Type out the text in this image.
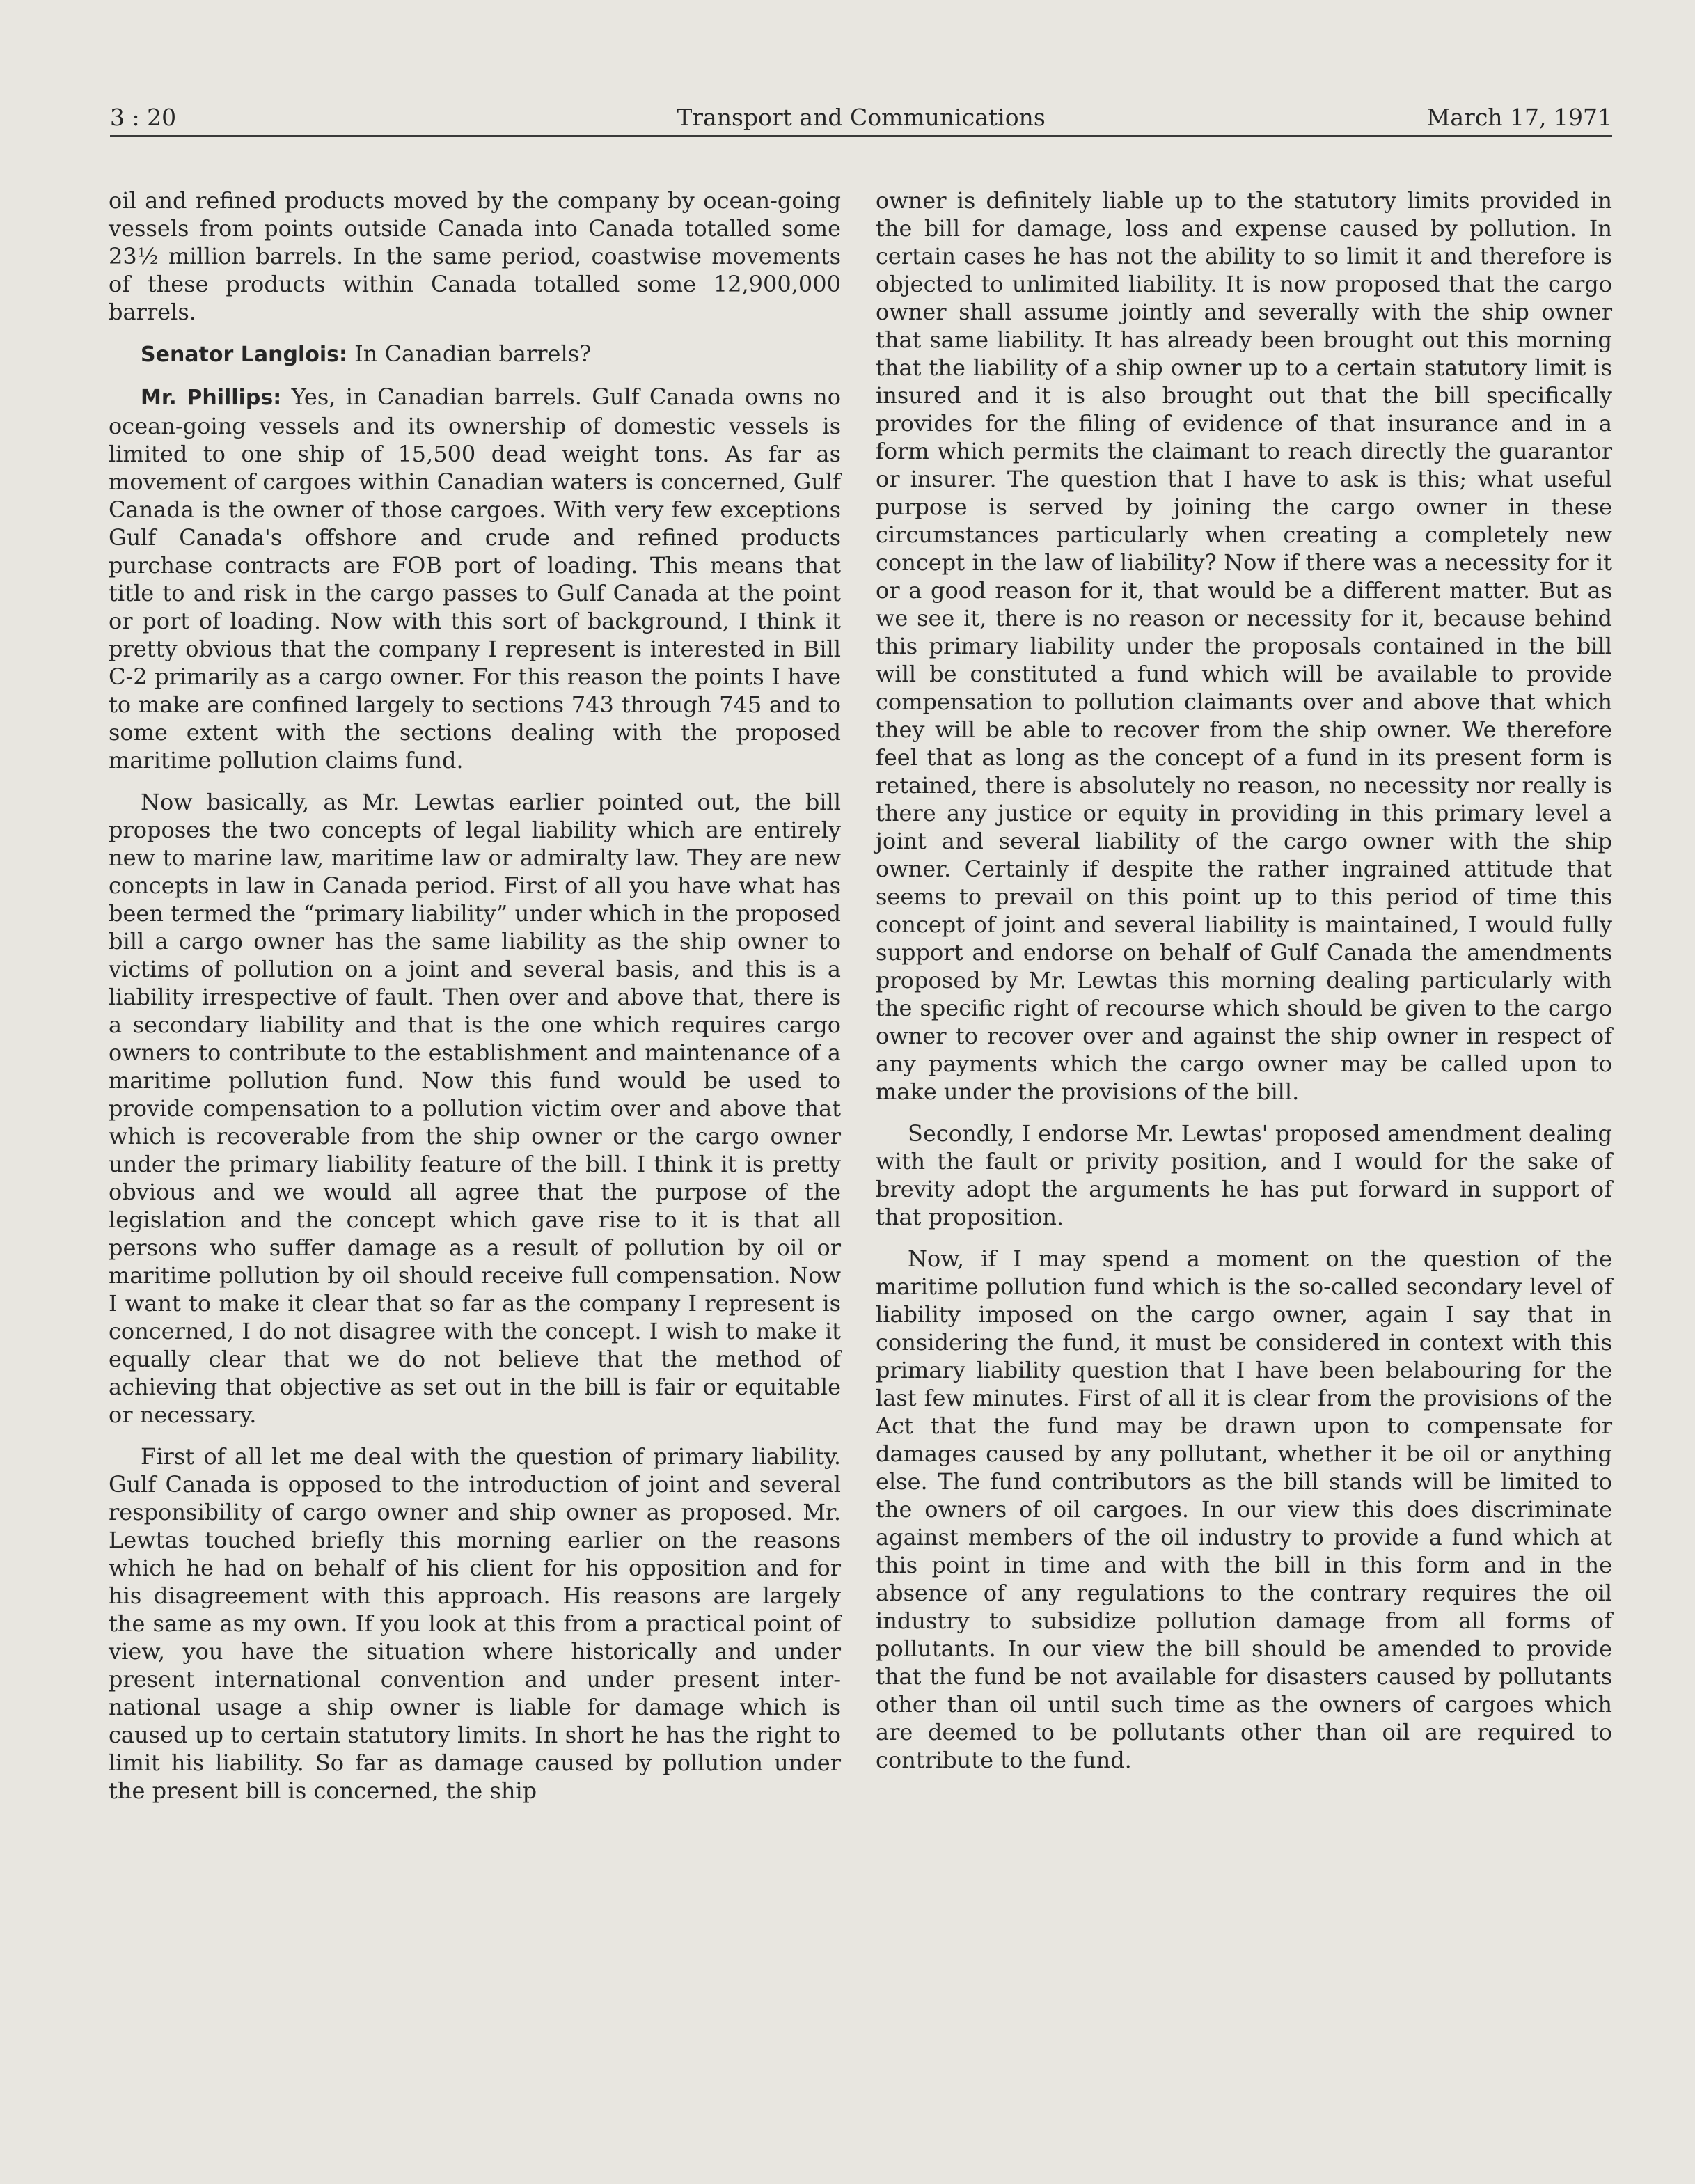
3 : 20	Transport and Communications	March 17, 1971

oil and refined products moved by the company by ocean-going vessels from points outside Canada into Canada totalled some 23½ million barrels. In the same period, coastwise movements of these products within Canada totalled some 12,900,000 barrels.

Senator Langlois: In Canadian barrels?

Mr. Phillips: Yes, in Canadian barrels. Gulf Canada owns no ocean-going vessels and its ownership of domestic vessels is limited to one ship of 15,500 dead weight tons. As far as movement of cargoes within Canadian waters is concerned, Gulf Canada is the owner of those cargoes. With very few exceptions Gulf Canada's offshore and crude and refined products purchase contracts are FOB port of loading. This means that title to and risk in the cargo passes to Gulf Canada at the point or port of loading. Now with this sort of background, I think it pretty obvious that the company I represent is interested in Bill C-2 primarily as a cargo owner. For this reason the points I have to make are confined largely to sections 743 through 745 and to some extent with the sections dealing with the proposed maritime pollution claims fund.

Now basically, as Mr. Lewtas earlier pointed out, the bill proposes the two concepts of legal liability which are entirely new to marine law, maritime law or admiralty law. They are new concepts in law in Canada period. First of all you have what has been termed the “primary liability” under which in the proposed bill a cargo owner has the same liability as the ship owner to victims of pollution on a joint and several basis, and this is a liability irrespective of fault. Then over and above that, there is a secondary liability and that is the one which requires cargo owners to contribute to the establishment and maintenance of a maritime pollution fund. Now this fund would be used to provide compensation to a pollution victim over and above that which is recoverable from the ship owner or the cargo owner under the primary liability feature of the bill. I think it is pretty obvious and we would all agree that the purpose of the legislation and the concept which gave rise to it is that all persons who suffer damage as a result of pollution by oil or maritime pollution by oil should receive full compensation. Now I want to make it clear that so far as the company I represent is concerned, I do not disagree with the concept. I wish to make it equally clear that we do not believe that the method of achieving that objective as set out in the bill is fair or equitable or necessary.

First of all let me deal with the question of primary liability. Gulf Canada is opposed to the introduction of joint and several responsibility of cargo owner and ship owner as proposed. Mr. Lewtas touched briefly this morning earlier on the reasons which he had on behalf of his client for his opposition and for his disagreement with this approach. His reasons are largely the same as my own. If you look at this from a practical point of view, you have the situation where historically and under present international convention and under present international usage a ship owner is liable for damage which is caused up to certain statutory limits. In short he has the right to limit his liability. So far as damage caused by pollution under the present bill is concerned, the ship

owner is definitely liable up to the statutory limits provided in the bill for damage, loss and expense caused by pollution. In certain cases he has not the ability to so limit it and therefore is objected to unlimited liability. It is now proposed that the cargo owner shall assume jointly and severally with the ship owner that same liability. It has already been brought out this morning that the liability of a ship owner up to a certain statutory limit is insured and it is also brought out that the bill specifically provides for the filing of evidence of that insurance and in a form which permits the claimant to reach directly the guarantor or insurer. The question that I have to ask is this; what useful purpose is served by joining the cargo owner in these circumstances particularly when creating a completely new concept in the law of liability? Now if there was a necessity for it or a good reason for it, that would be a different matter. But as we see it, there is no reason or necessity for it, because behind this primary liability under the proposals contained in the bill will be constituted a fund which will be available to provide compensation to pollution claimants over and above that which they will be able to recover from the ship owner. We therefore feel that as long as the concept of a fund in its present form is retained, there is absolutely no reason, no necessity nor really is there any justice or equity in providing in this primary level a joint and several liability of the cargo owner with the ship owner. Certainly if despite the rather ingrained attitude that seems to prevail on this point up to this period of time this concept of joint and several liability is maintained, I would fully support and endorse on behalf of Gulf Canada the amendments proposed by Mr. Lewtas this morning dealing particularly with the specific right of recourse which should be given to the cargo owner to recover over and against the ship owner in respect of any payments which the cargo owner may be called upon to make under the provisions of the bill.

Secondly, I endorse Mr. Lewtas' proposed amendment dealing with the fault or privity position, and I would for the sake of brevity adopt the arguments he has put forward in support of that proposition.

Now, if I may spend a moment on the question of the maritime pollution fund which is the so-called secondary level of liability imposed on the cargo owner, again I say that in considering the fund, it must be considered in context with this primary liability question that I have been belabouring for the last few minutes. First of all it is clear from the provisions of the Act that the fund may be drawn upon to compensate for damages caused by any pollutant, whether it be oil or anything else. The fund contributors as the bill stands will be limited to the owners of oil cargoes. In our view this does discriminate against members of the oil industry to provide a fund which at this point in time and with the bill in this form and in the absence of any regulations to the contrary requires the oil industry to subsidize pollution damage from all forms of pollutants. In our view the bill should be amended to provide that the fund be not available for disasters caused by pollutants other than oil until such time as the owners of cargoes which are deemed to be pollutants other than oil are required to contribute to the fund.
